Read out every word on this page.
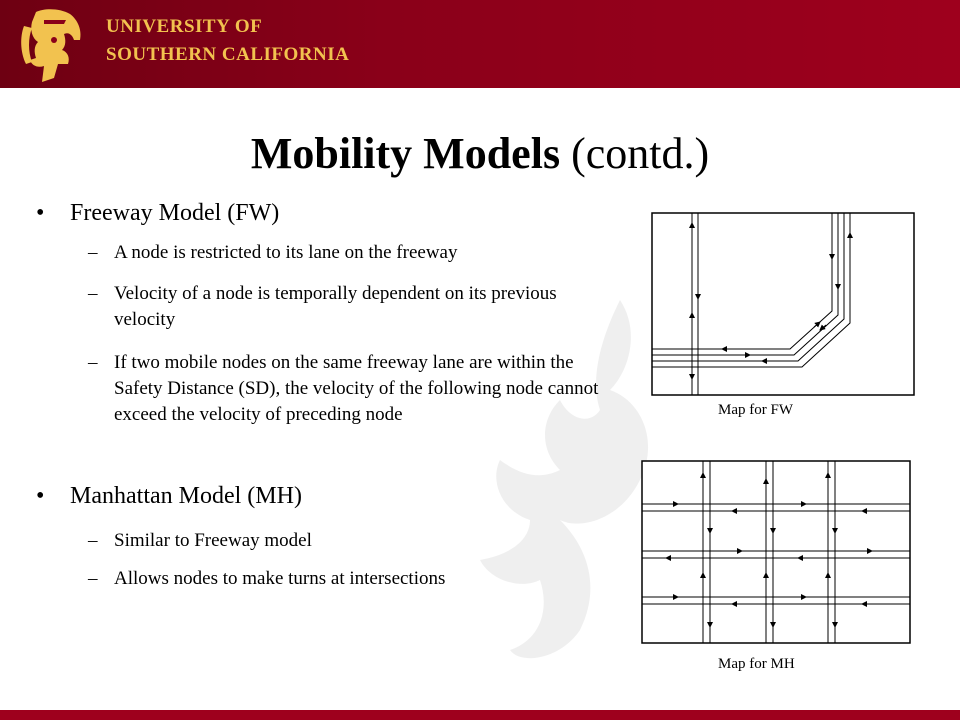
UNIVERSITY OF
SOUTHERN CALIFORNIA
Mobility Models (contd.)
• Freeway Model (FW)
– A node is restricted to its lane on the freeway
– Velocity of a node is temporally dependent on its previous velocity
– If two mobile nodes on the same freeway lane are within the Safety Distance (SD), the velocity of the following node cannot exceed the velocity of preceding node
• Manhattan Model (MH)
– Similar to Freeway model
– Allows nodes to make turns at intersections
Map for FW
Map for MH
